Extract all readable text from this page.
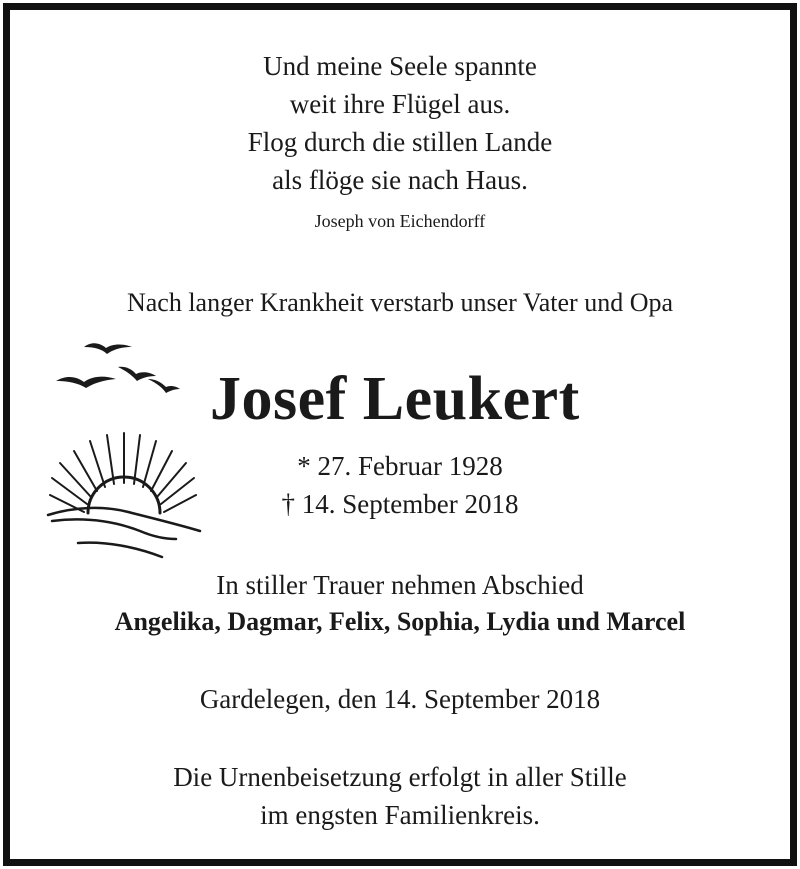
Und meine Seele spannte
weit ihre Flügel aus.
Flog durch die stillen Lande
als flöge sie nach Haus.
Joseph von Eichendorff
Nach langer Krankheit verstarb unser Vater und Opa
Josef Leukert
* 27. Februar 1928
† 14. September 2018
In stiller Trauer nehmen Abschied
Angelika, Dagmar, Felix, Sophia, Lydia und Marcel
Gardelegen, den 14. September 2018
Die Urnenbeisetzung erfolgt in aller Stille
im engsten Familienkreis.
